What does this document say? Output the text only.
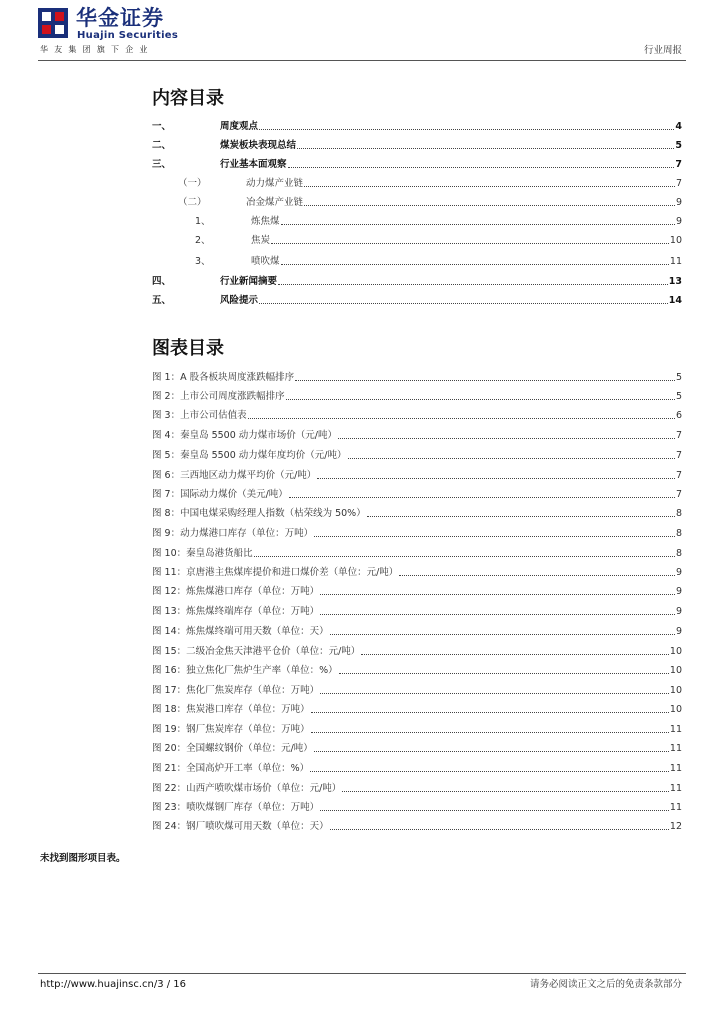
华金证券
Huajin Securities
华友集团旗下企业	行业周报
内容目录
一、	周度观点	4
二、	煤炭板块表现总结	5
三、	行业基本面观察	7
（一）	动力煤产业链	7
（二）	冶金煤产业链	9
1、	炼焦煤	9
2、	焦炭	10
3、	喷吹煤	11
四、	行业新闻摘要	13
五、	风险提示	14
图表目录
图 1： A 股各板块周度涨跌幅排序	5
图 2： 上市公司周度涨跌幅排序	5
图 3： 上市公司估值表	6
图 4： 秦皇岛 5500 动力煤市场价（元/吨）	7
图 5： 秦皇岛 5500 动力煤年度均价（元/吨）	7
图 6： 三西地区动力煤平均价（元/吨）	7
图 7： 国际动力煤价（美元/吨）	7
图 8： 中国电煤采购经理人指数（枯荣线为 50%）	8
图 9： 动力煤港口库存（单位：万吨）	8
图 10： 秦皇岛港货船比	8
图 11： 京唐港主焦煤库提价和进口煤价差（单位：元/吨）	9
图 12： 炼焦煤港口库存（单位：万吨）	9
图 13： 炼焦煤终端库存（单位：万吨）	9
图 14： 炼焦煤终端可用天数（单位：天）	9
图 15： 二级冶金焦天津港平仓价（单位：元/吨）	10
图 16： 独立焦化厂焦炉生产率（单位：%）	10
图 17： 焦化厂焦炭库存（单位：万吨）	10
图 18： 焦炭港口库存（单位：万吨）	10
图 19： 钢厂焦炭库存（单位：万吨）	11
图 20： 全国螺纹钢价（单位：元/吨）	11
图 21： 全国高炉开工率（单位：%）	11
图 22： 山西产喷吹煤市场价（单位：元/吨）	11
图 23： 喷吹煤钢厂库存（单位：万吨）	11
图 24： 钢厂喷吹煤可用天数（单位：天）	12
未找到图形项目表。
http://www.huajinsc.cn/3 / 16	请务必阅读正文之后的免责条款部分
